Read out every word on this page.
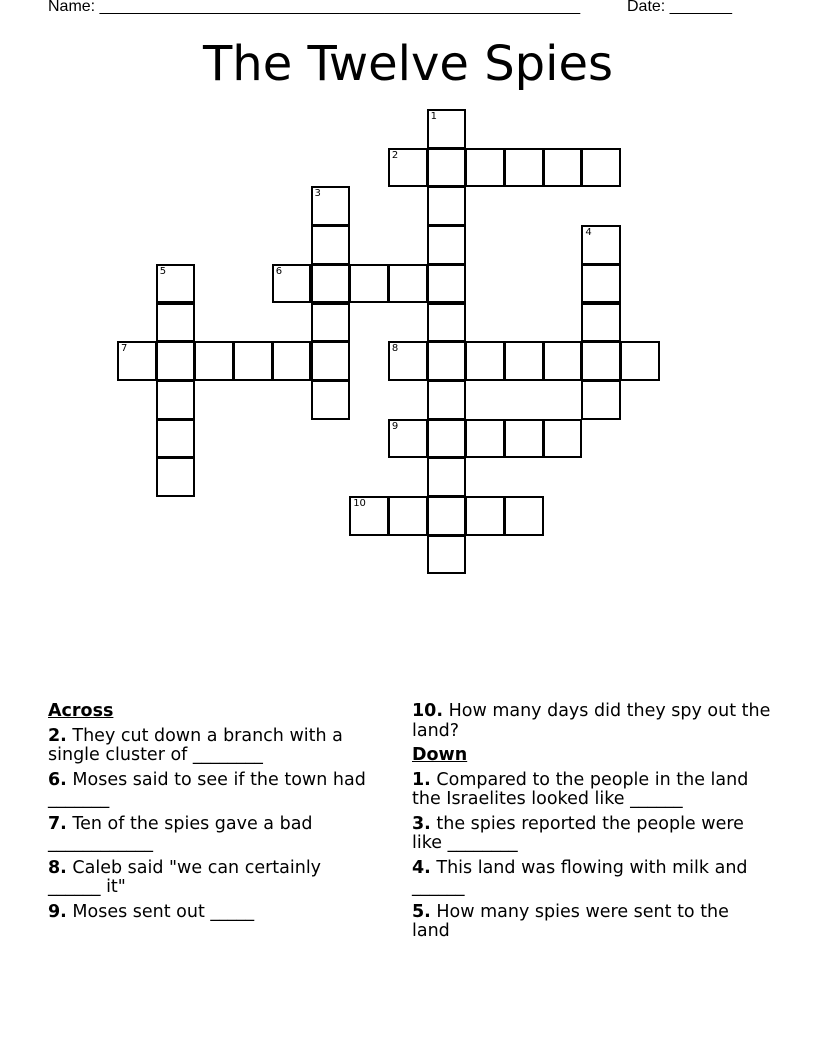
Name: ______________________________________________________	Date: _______
The Twelve Spies
1
2
3
4
5	6
7	8
9
10
Across
2. They cut down a branch with a single cluster of ________
6. Moses said to see if the town had _______
7. Ten of the spies gave a bad ____________
8. Caleb said "we can certainly ______ it"
9. Moses sent out _____
10. How many days did they spy out the land?
Down
1. Compared to the people in the land the Israelites looked like ______
3. the spies reported the people were like ________
4. This land was flowing with milk and ______
5. How many spies were sent to the land
